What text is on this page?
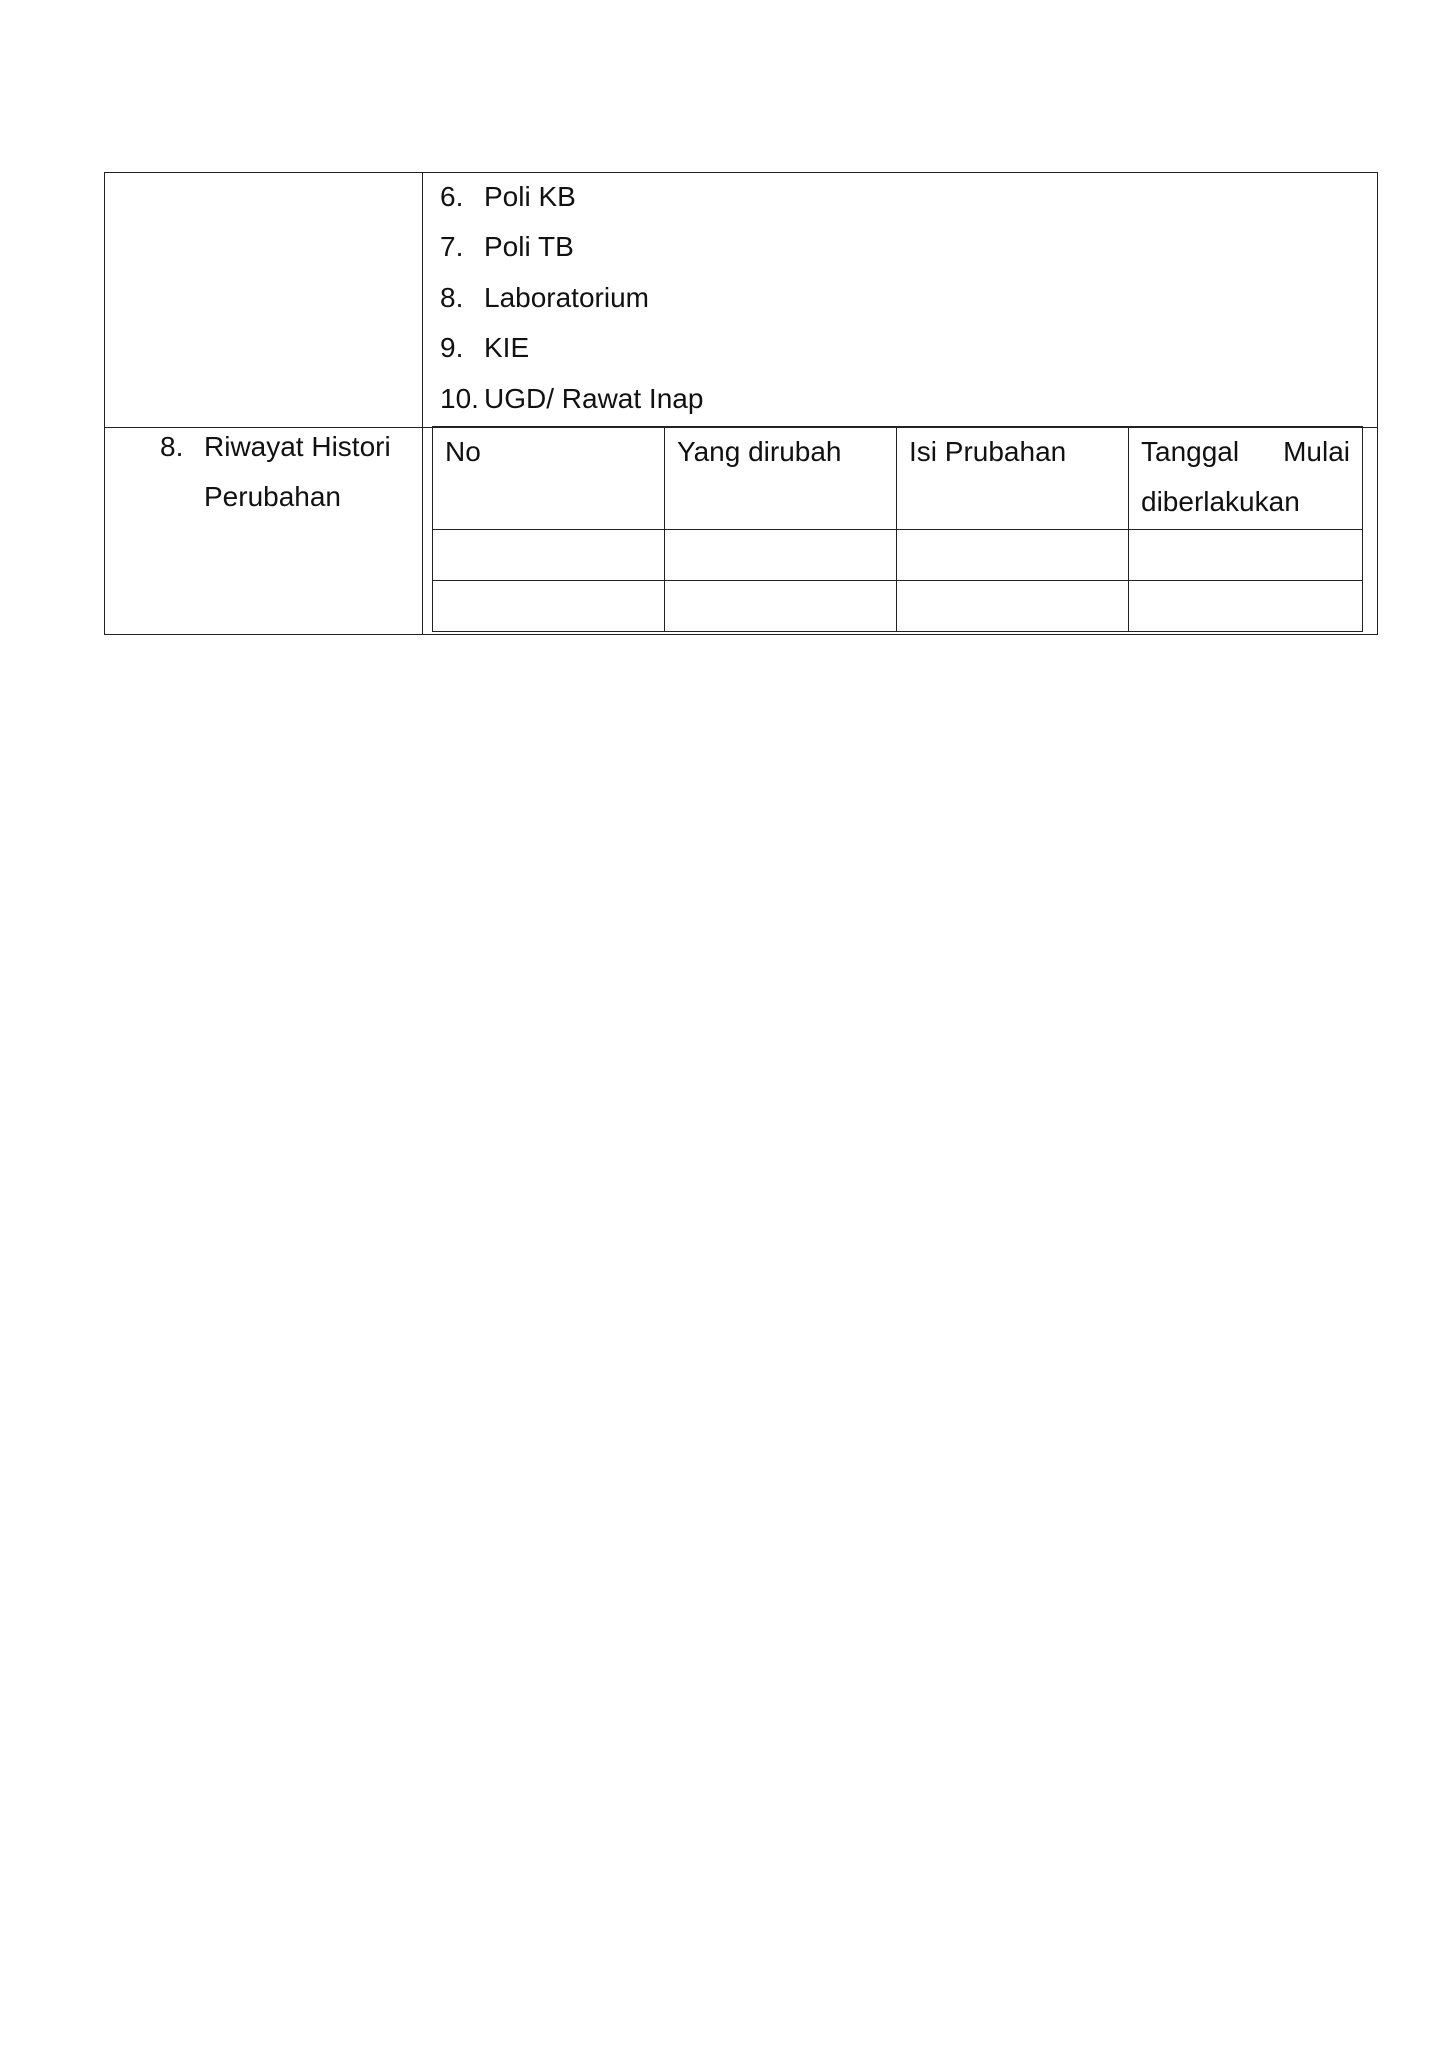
6. Poli KB
7. Poli TB
8. Laboratorium
9. KIE
10. UGD/ Rawat Inap
8. Riwayat Histori
Perubahan
No	Yang dirubah	Isi Prubahan	Tanggal Mulai
diberlakukan
